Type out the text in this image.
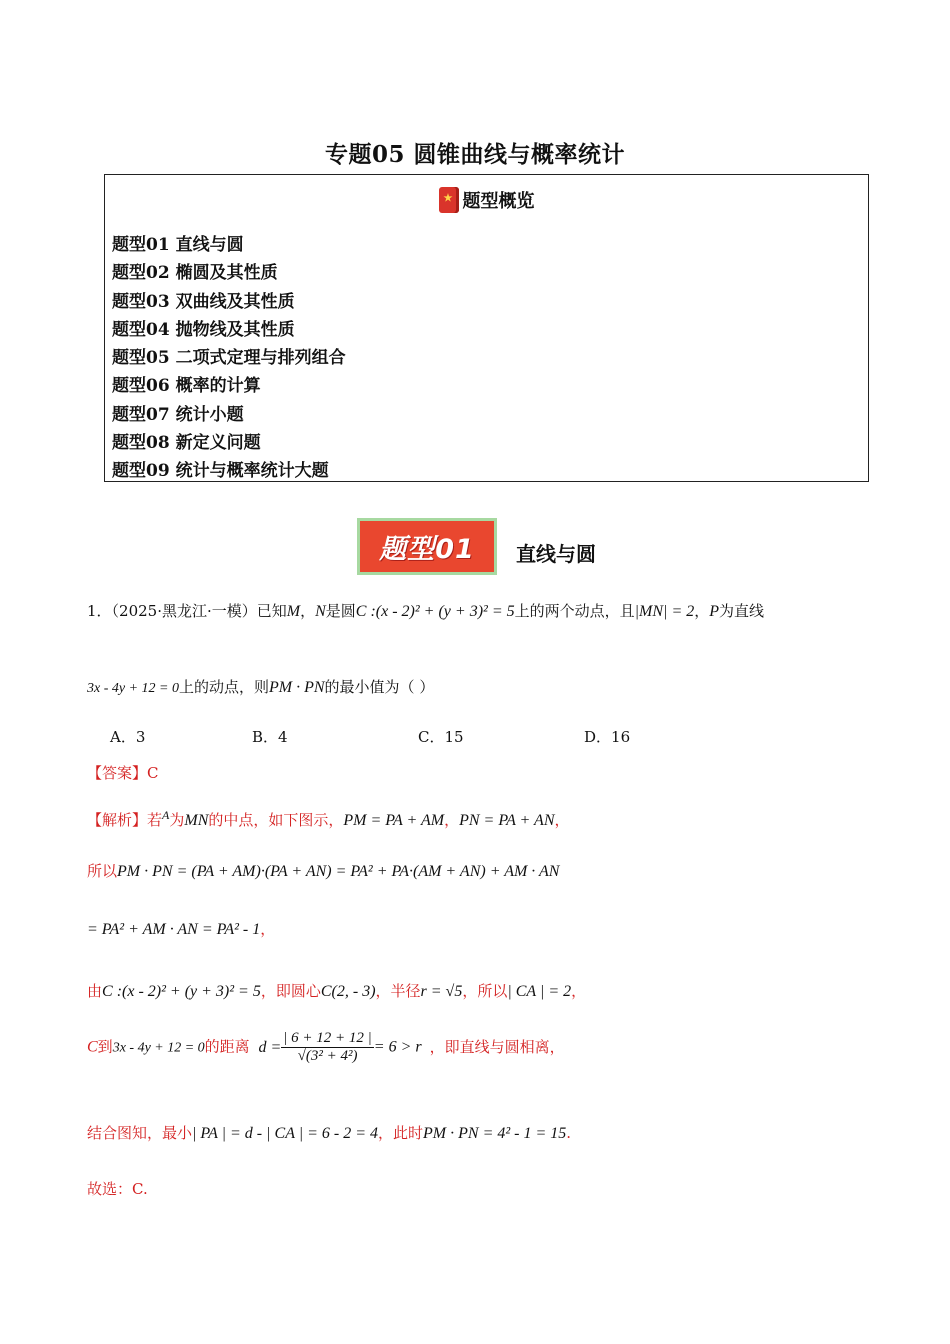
专题05 圆锥曲线与概率统计
★ 题型概览
题型01 直线与圆
题型02 椭圆及其性质
题型03 双曲线及其性质
题型04 抛物线及其性质
题型05 二项式定理与排列组合
题型06 概率的计算
题型07 统计小题
题型08 新定义问题
题型09 统计与概率统计大题
题型01	直线与圆
1．（2025·黑龙江·一模）已知M，N是圆C :(x - 2)² + (y + 3)² = 5上的两个动点，且|MN| = 2，P为直线
3x - 4y + 12 = 0上的动点，则PM · PN的最小值为（ ）
A．3	B．4	C．15	D．16
【答案】C
【解析】若$^A$为MN的中点，如下图示，PM = PA + AM，PN = PA + AN，
所以PM · PN = (PA + AM)·(PA + AN) = PA² + PA·(AM + AN) + AM · AN
= PA² + AM · AN = PA² - 1，
由C :(x - 2)² + (y + 3)² = 5，即圆心C(2, - 3)，半径r = √5，所以| CA | = 2，
C到3x - 4y + 12 = 0的距离 $d = \frac{| 6 + 12 + 12 |}{\text{√(3² + 4²)}} = 6 > r$ ，即直线与圆相离，
结合图知，最小| PA | = d - | CA | = 6 - 2 = 4，此时PM · PN = 4² - 1 = 15.
故选：C.
